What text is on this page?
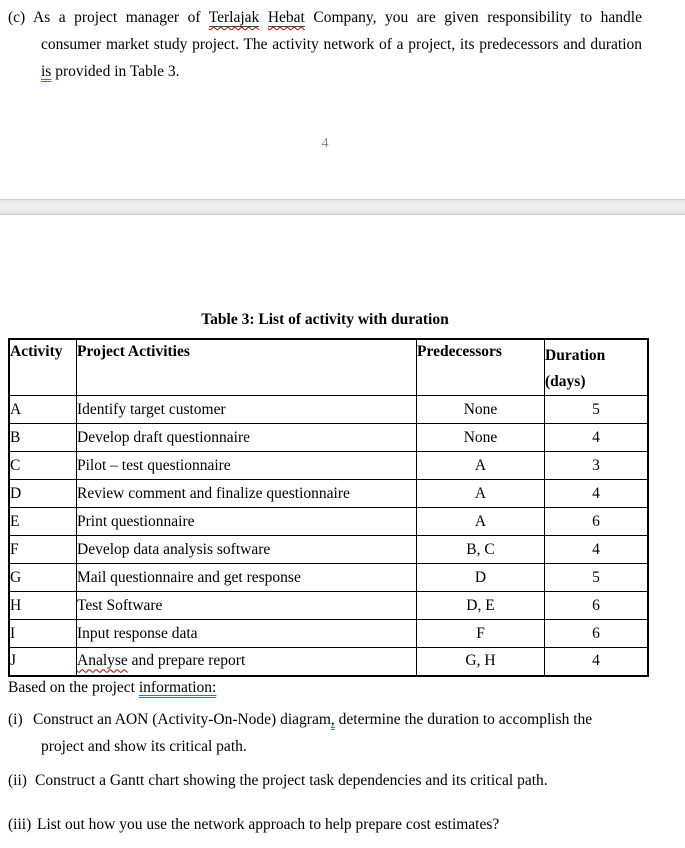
(c) As a project manager of Terlajak Hebat Company, you are given responsibility to handle consumer market study project. The activity network of a project, its predecessors and duration is provided in Table 3.
4
Table 3: List of activity with duration
Activity	Project Activities	Predecessors	Duration
(days)

A	Identify target customer	None	5
B	Develop draft questionnaire	None	4
C	Pilot – test questionnaire	A	3
D	Review comment and finalize questionnaire	A	4
E	Print questionnaire	A	6
F	Develop data analysis software	B, C	4
G	Mail questionnaire and get response	D	5
H	Test Software	D, E	6
I	Input response data	F	6
J	Analyse and prepare report	G, H	4
Based on the project information:
(i) Construct an AON (Activity-On-Node) diagram, determine the duration to accomplish the project and show its critical path.
(ii) Construct a Gantt chart showing the project task dependencies and its critical path.
(iii) List out how you use the network approach to help prepare cost estimates?
